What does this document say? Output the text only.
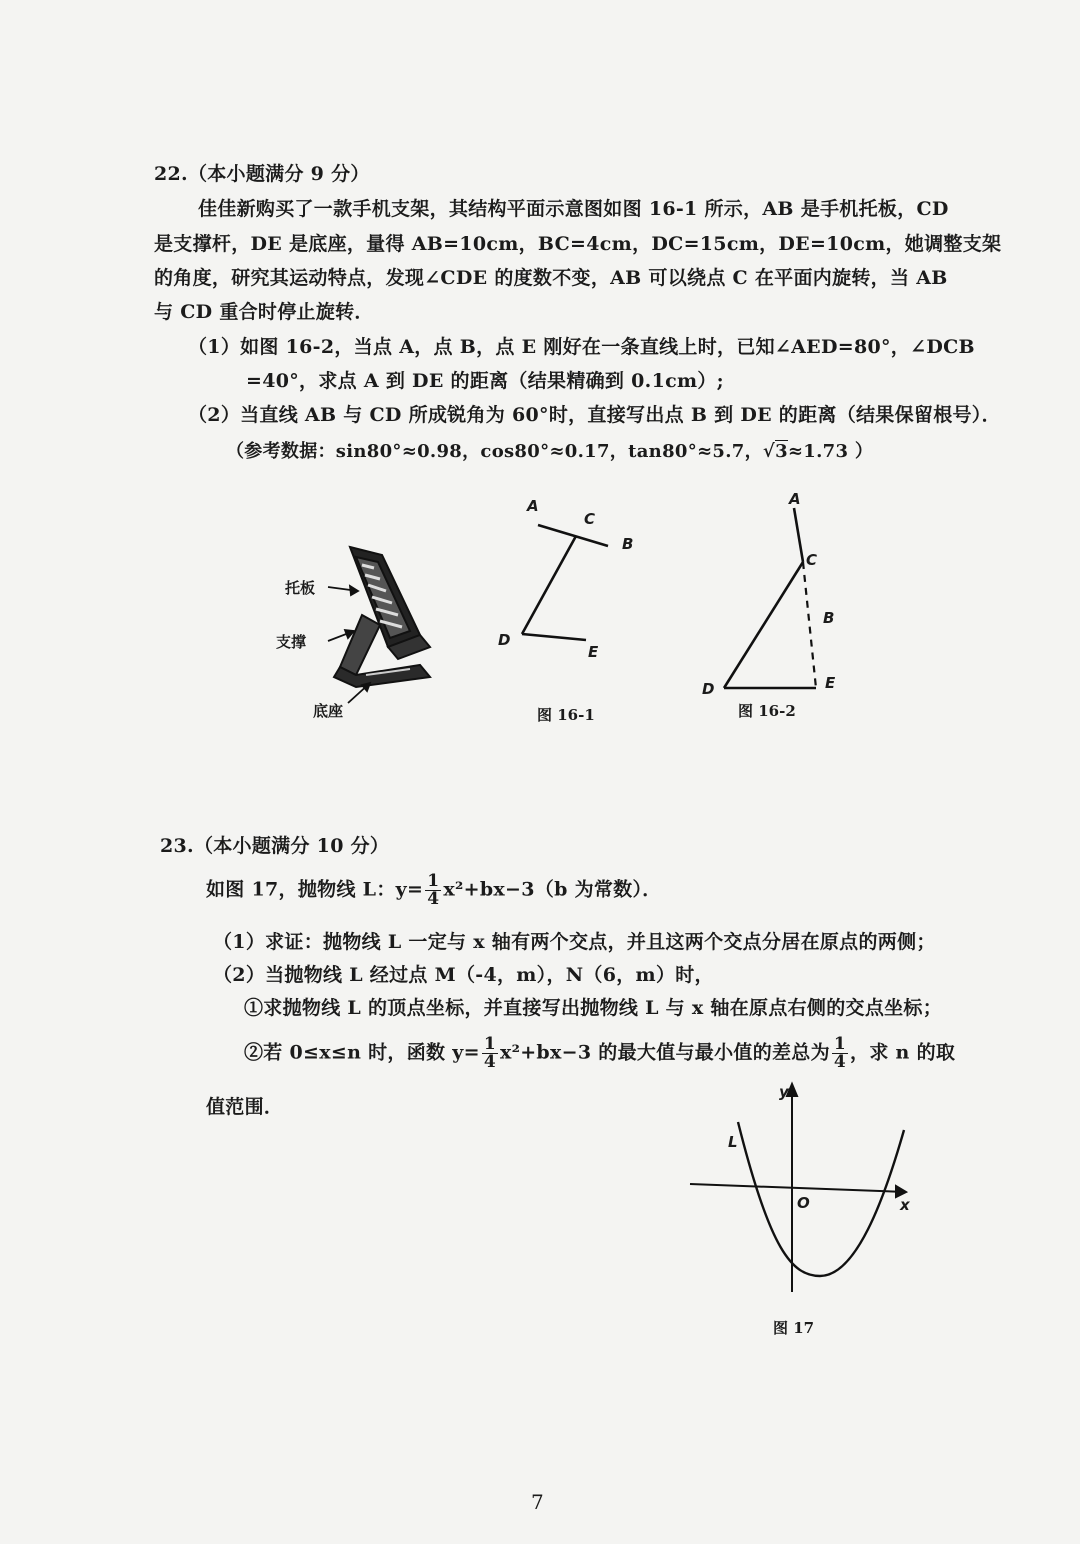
22.（本小题满分 9 分）
佳佳新购买了一款手机支架，其结构平面示意图如图 16-1 所示，AB 是手机托板，CD
是支撑杆，DE 是底座，量得 AB=10cm，BC=4cm，DC=15cm，DE=10cm，她调整支架
的角度，研究其运动特点，发现∠CDE 的度数不变，AB 可以绕点 C 在平面内旋转，当 AB
与 CD 重合时停止旋转．
（1）如图 16-2，当点 A，点 B，点 E 刚好在一条直线上时，已知∠AED=80°，∠DCB
=40°，求点 A 到 DE 的距离（结果精确到 0.1cm）;
（2）当直线 AB 与 CD 所成锐角为 60°时，直接写出点 B 到 DE 的距离（结果保留根号）．
（参考数据：sin80°≈0.98，cos80°≈0.17，tan80°≈5.7，√3≈1.73 ）
托板
支撑
底座
A
C
B
D
E
图 16-1
A
C
B
D	E
图 16-2
23.（本小题满分 10 分）
如图 17，抛物线 L：$y= \frac{1}{4} x^2+bx-3(b$ 为常数）．
（1）求证：抛物线 L 一定与 x 轴有两个交点，并且这两个交点分居在原点的两侧；
（2）当抛物线 L 经过点 M（-4，m），N（6，m）时，
①求抛物线 L 的顶点坐标，并直接写出抛物线 L 与 x 轴在原点右侧的交点坐标；
②若 0≤x≤n 时，函数 $y= \frac{1}{4} x^2+bx-3$ 的最大值与最小值的差总为 $\frac{1}{4}$ ，求 n 的取
值范围．
y
L
O	x
图 17
7
